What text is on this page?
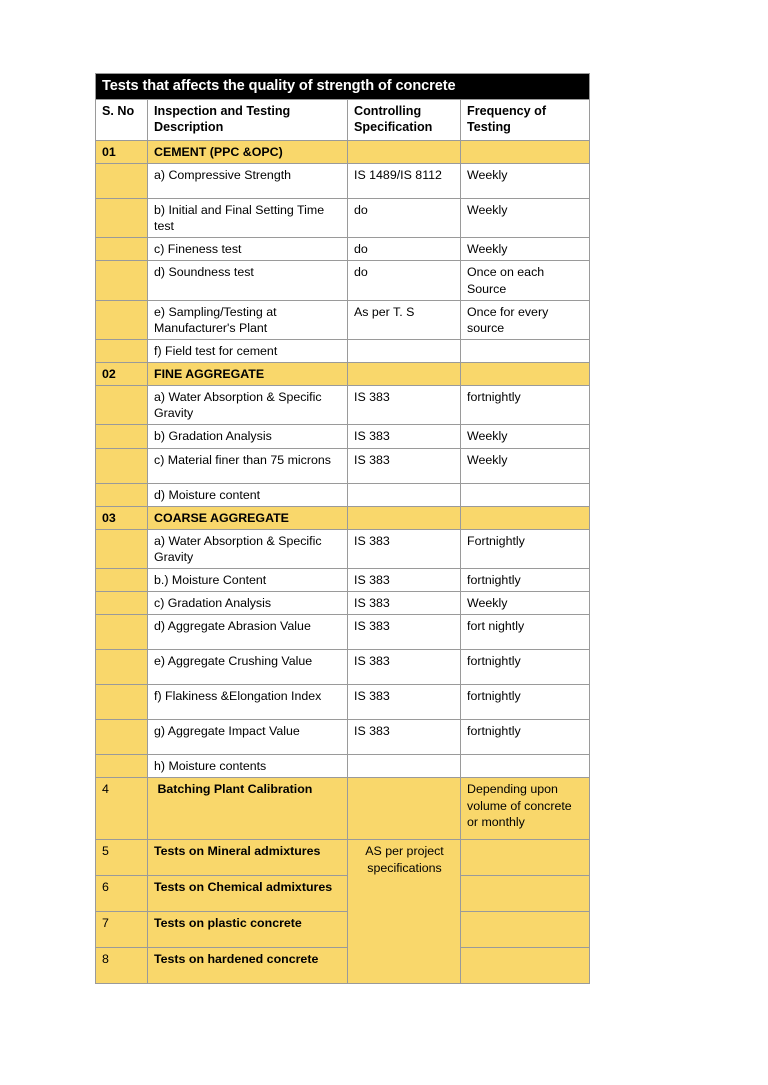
Tests that affects the quality of strength of concrete			
S. No	Inspection and Testing Description	Controlling Specification	Frequency of Testing
01	CEMENT (PPC &OPC)		
	a) Compressive Strength	IS 1489/IS 8112	Weekly
	b) Initial and Final Setting Time test	do	Weekly
	c) Fineness test	do	Weekly
	d) Soundness test	do	Once on each Source
	e) Sampling/Testing at Manufacturer's Plant	As per T. S	Once for every source
	f) Field test for cement		
02	FINE AGGREGATE		
	a) Water Absorption & Specific Gravity	IS 383	fortnightly
	b) Gradation Analysis	IS 383	Weekly
	c) Material finer than 75 microns	IS 383	Weekly
	d) Moisture content		
03	COARSE AGGREGATE		
	a) Water Absorption & Specific Gravity	IS 383	Fortnightly
	b.) Moisture Content	IS 383	fortnightly
	c) Gradation Analysis	IS 383	Weekly
	d) Aggregate Abrasion Value	IS 383	fort nightly
	e) Aggregate Crushing Value	IS 383	fortnightly
	f) Flakiness &Elongation Index	IS 383	fortnightly
	g) Aggregate Impact Value	IS 383	fortnightly
	h) Moisture contents		
4	Batching Plant Calibration		Depending upon volume of concrete or monthly
5	Tests on Mineral admixtures	AS per project specifications	
6	Tests on Chemical admixtures		
7	Tests on plastic concrete		
8	Tests on hardened concrete		
